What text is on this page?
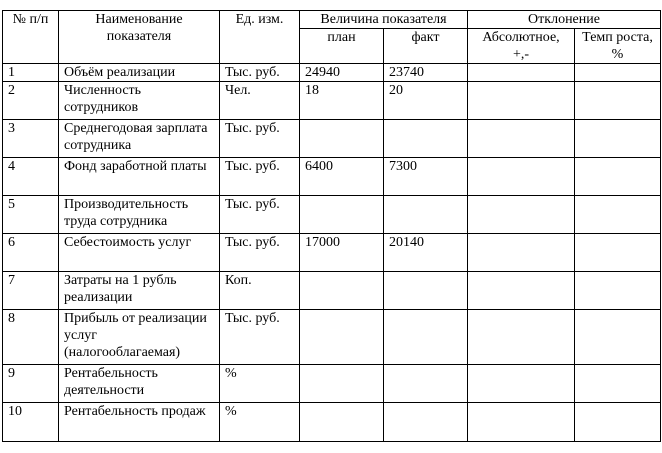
№ п/п	Наименование показателя	Ед. изм.	Величина показателя		Отклонение	
			план	факт	Абсолютное, +,-	Темп роста, %
1	Объём реализации	Тыс. руб.	24940	23740		
2	Численность сотрудников	Чел.	18	20		
3	Среднегодовая зарплата сотрудника	Тыс. руб.				
4	Фонд заработной платы	Тыс. руб.	6400	7300		
5	Производительность труда сотрудника	Тыс. руб.				
6	Себестоимость услуг	Тыс. руб.	17000	20140		
7	Затраты на 1 рубль реализации	Коп.				
8	Прибыль от реализации услуг (налогооблагаемая)	Тыс. руб.				
9	Рентабельность деятельности	%				
10	Рентабельность продаж	%				
